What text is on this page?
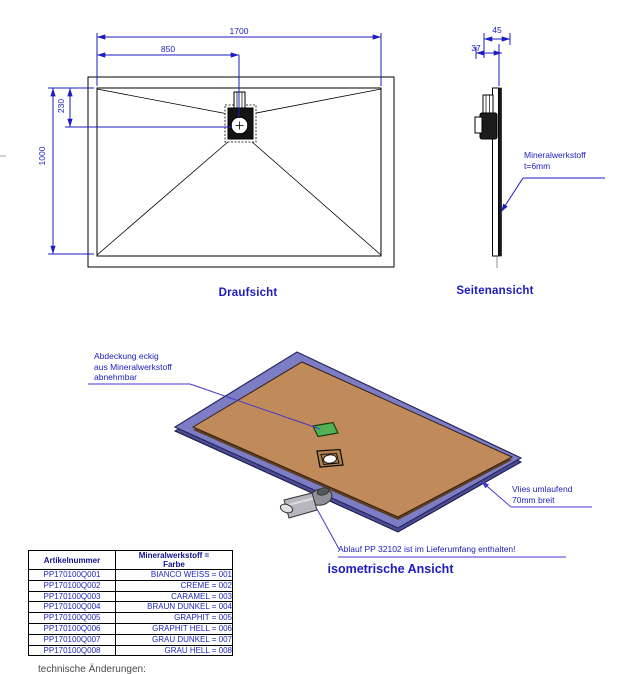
1700
850
230
1000
45
37
Draufsicht	Seitenansicht
isometrische Ansicht
Mineralwerkstoff
t=6mm
Abdeckung eckig
aus Mineralwerkstoff
abnehmbar
Vlies umlaufend
70mm breit
Ablauf PP 32102 ist im Lieferumfang enthalten!
Artikelnummer	Mineralwerkstoff =
Farbe

PP170100Q001	BIANCO WEISS = 001
PP170100Q002	CREME = 002
PP170100Q003	CARAMEL = 003
PP170100Q004	BRAUN DUNKEL = 004
PP170100Q005	GRAPHIT = 005
PP170100Q006	GRAPHIT HELL = 006
PP170100Q007	GRAU DUNKEL = 007
PP170100Q008	GRAU HELL = 008
technische Änderungen:
